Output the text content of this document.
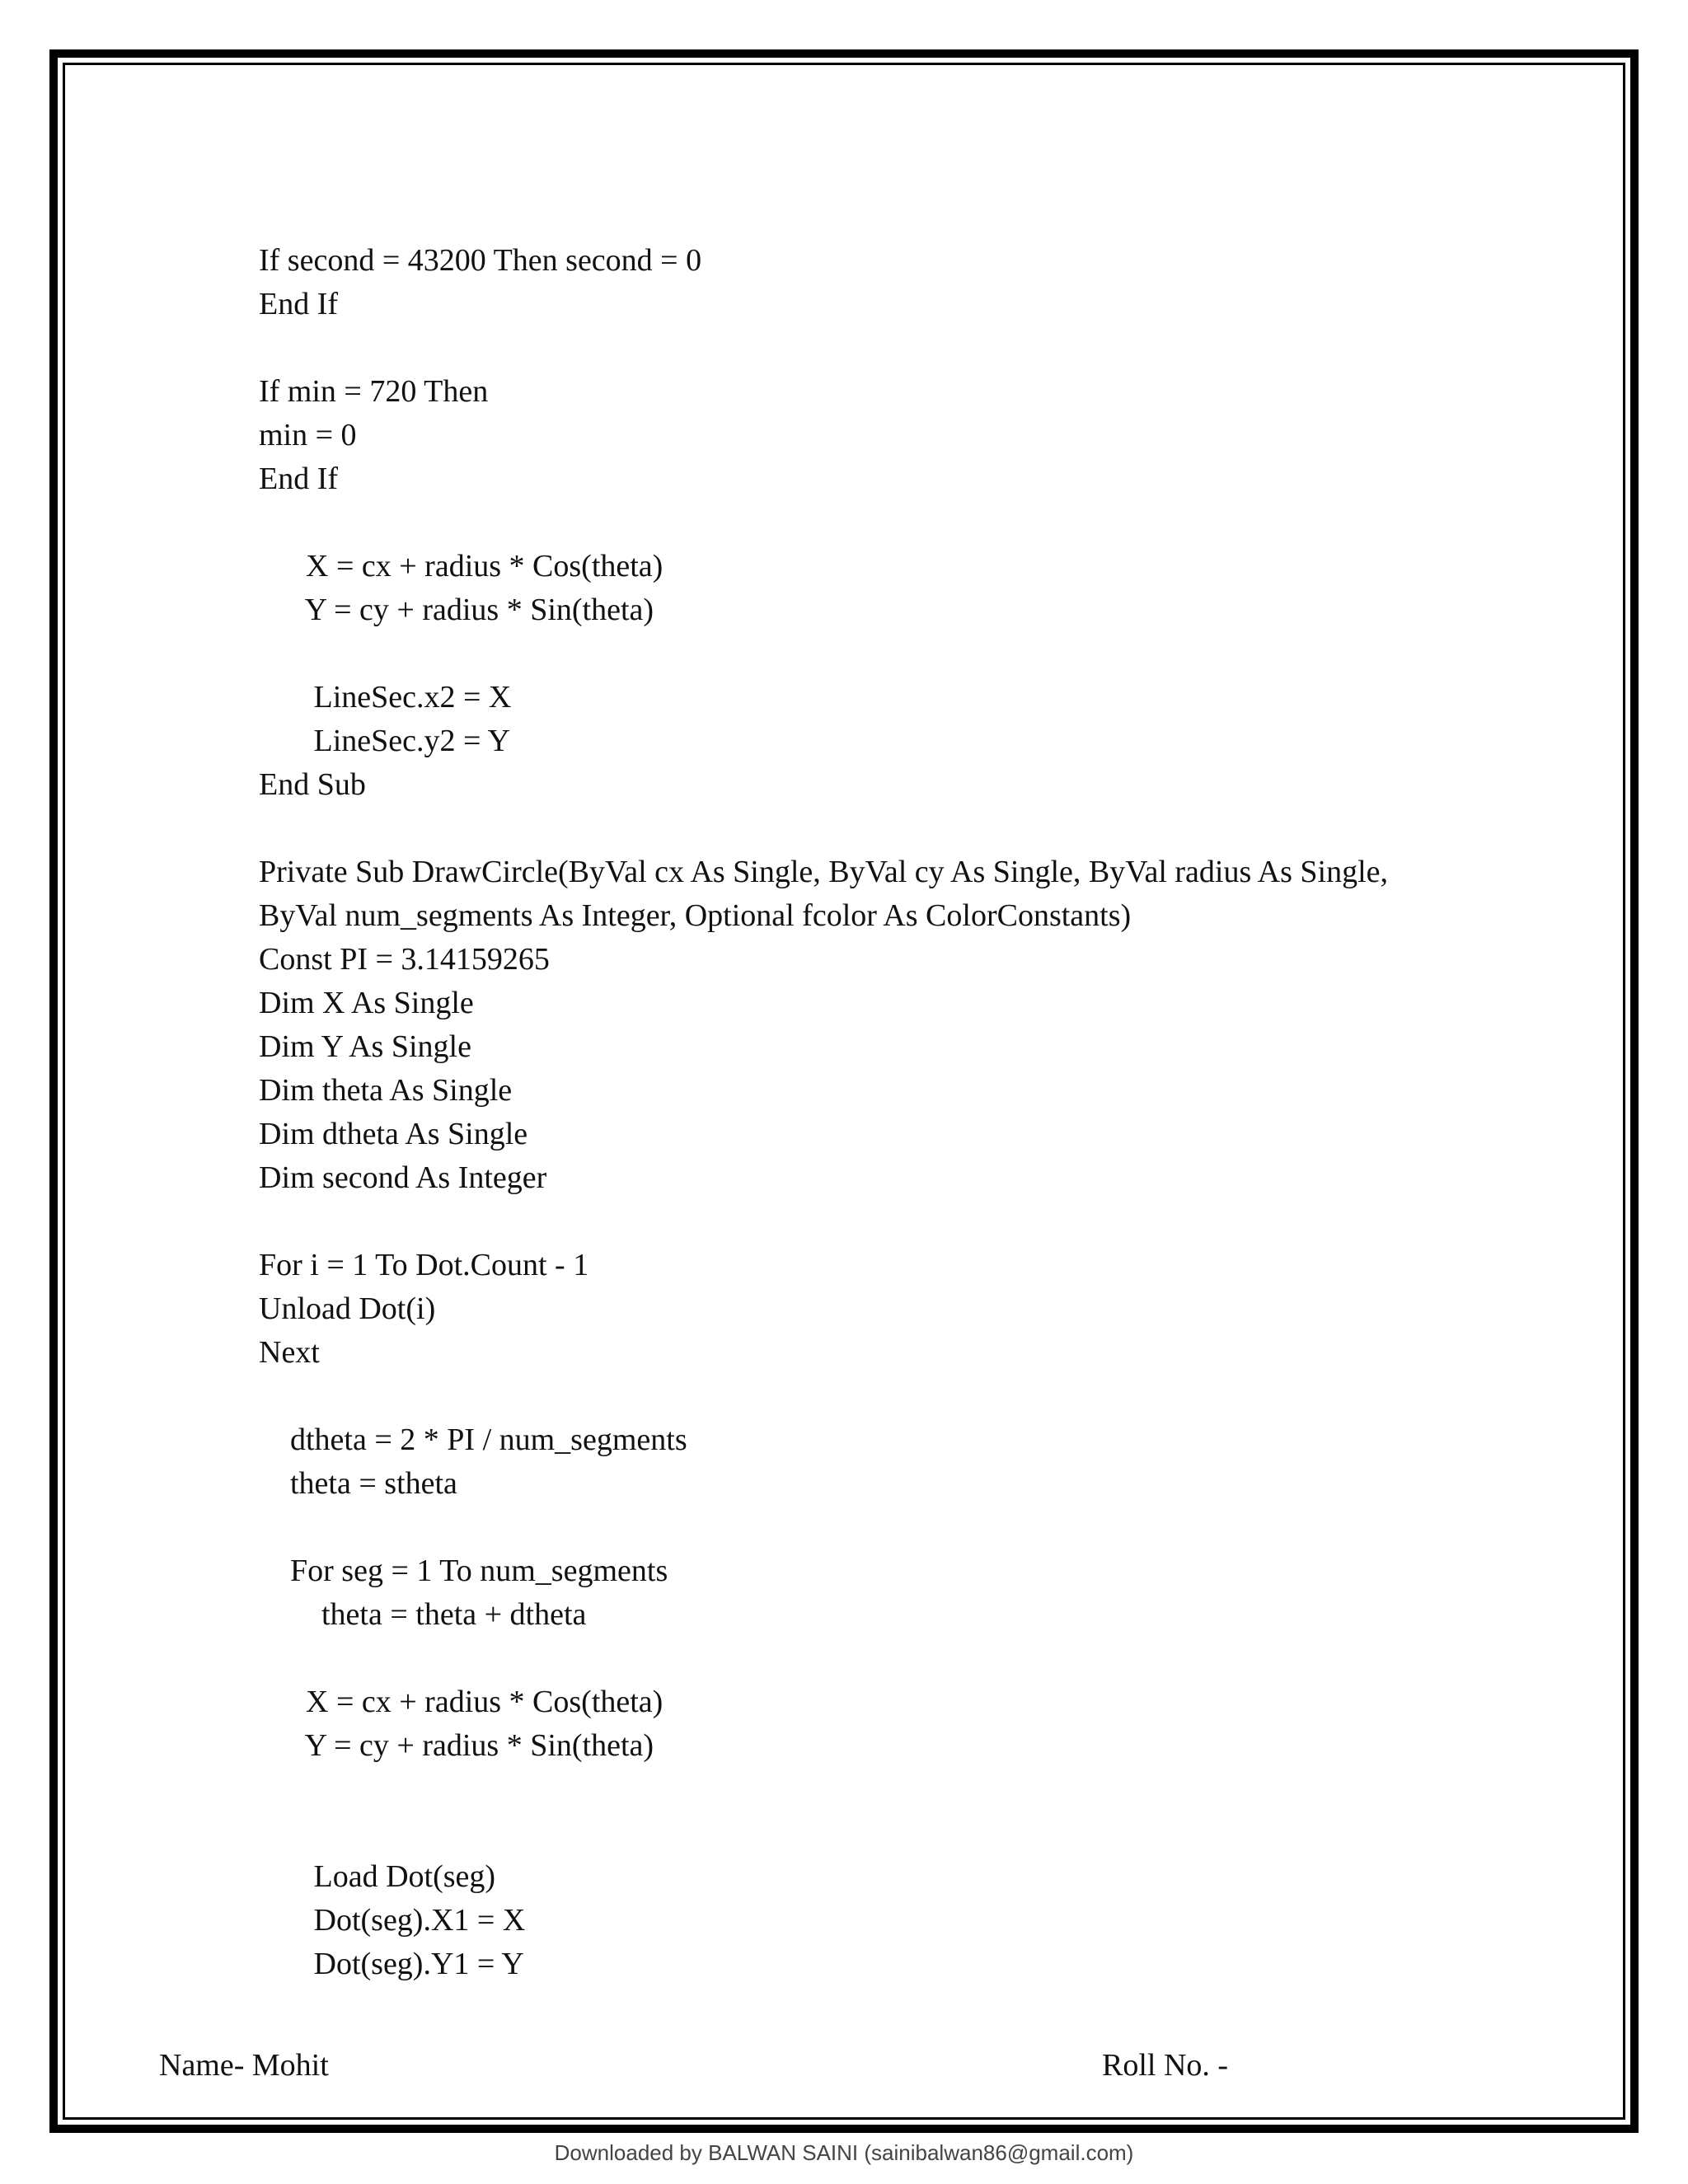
If second = 43200 Then second = 0
End If
If min = 720 Then
min = 0
End If
X = cx + radius * Cos(theta)
Y = cy + radius * Sin(theta)
LineSec.x2 = X
LineSec.y2 = Y
End Sub
Private Sub DrawCircle(ByVal cx As Single, ByVal cy As Single, ByVal radius As Single,
ByVal num_segments As Integer, Optional fcolor As ColorConstants)
Const PI = 3.14159265
Dim X As Single
Dim Y As Single
Dim theta As Single
Dim dtheta As Single
Dim second As Integer
For i = 1 To Dot.Count - 1
Unload Dot(i)
Next
dtheta = 2 * PI / num_segments
theta = stheta
For seg = 1 To num_segments
theta = theta + dtheta
X = cx + radius * Cos(theta)
Y = cy + radius * Sin(theta)
Load Dot(seg)
Dot(seg).X1 = X
Dot(seg).Y1 = Y
Name- Mohit	Roll No. -
Downloaded by BALWAN SAINI (sainibalwan86@gmail.com)
